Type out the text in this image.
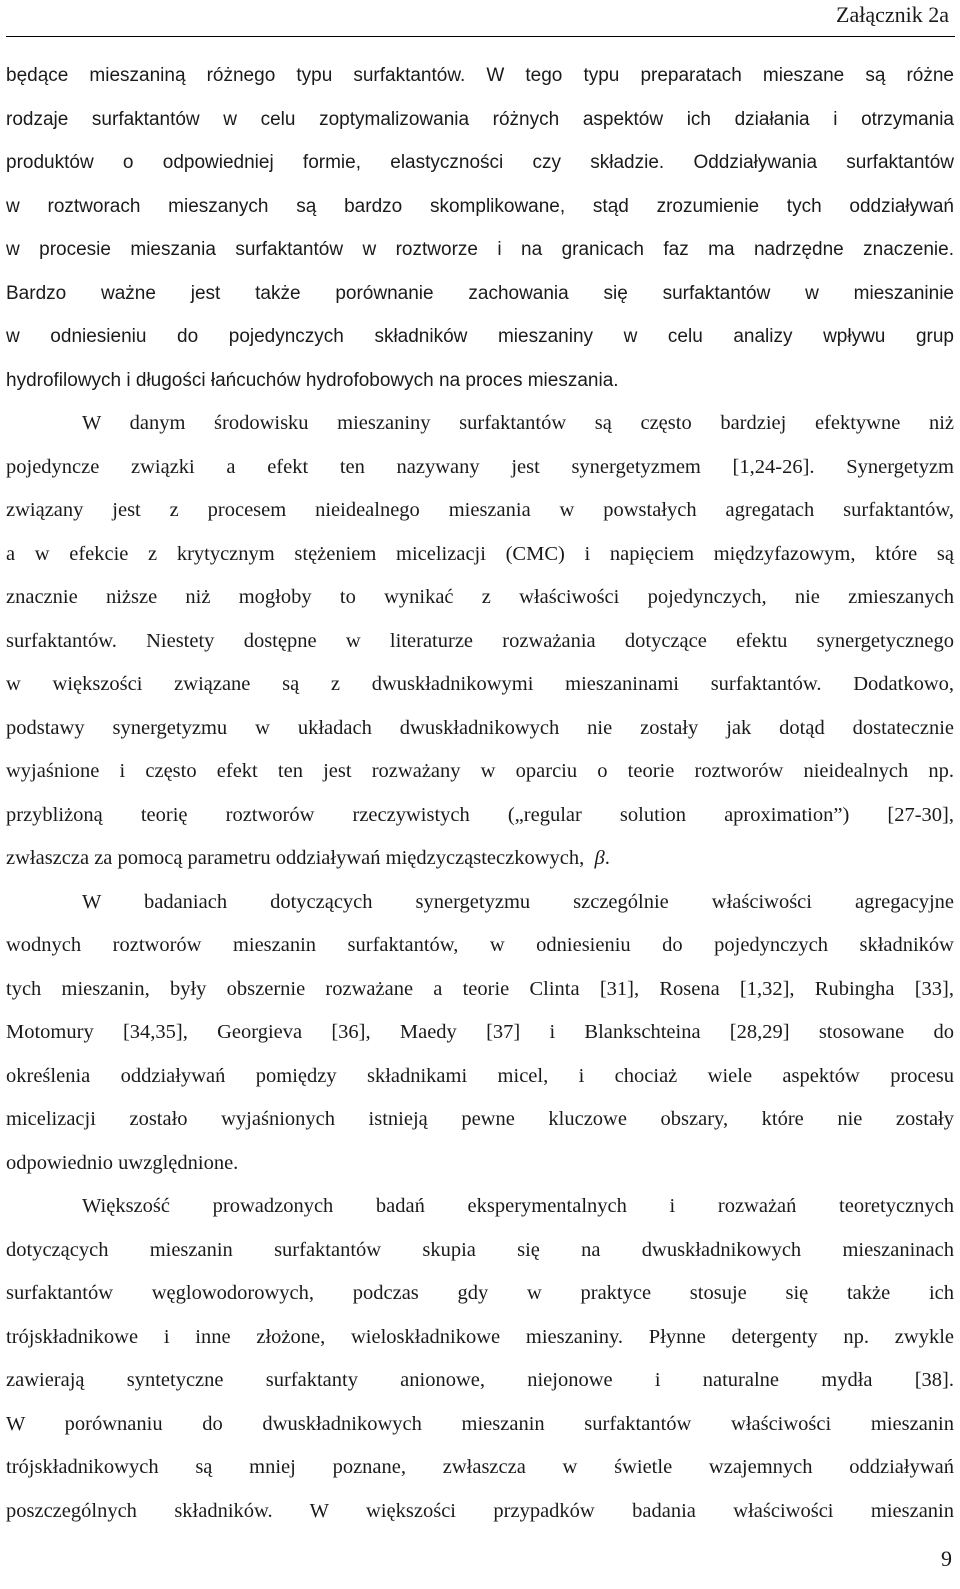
Załącznik 2a

będące mieszaniną różnego typu surfaktantów. W tego typu preparatach mieszane są różne

rodzaje surfaktantów w celu zoptymalizowania różnych aspektów ich działania i otrzymania

produktów o odpowiedniej formie, elastyczności czy składzie. Oddziaływania surfaktantów

w roztworach mieszanych są bardzo skomplikowane, stąd zrozumienie tych oddziaływań

w procesie mieszania surfaktantów w roztworze i na granicach faz ma nadrzędne znaczenie.

Bardzo ważne jest także porównanie zachowania się surfaktantów w mieszaninie

w odniesieniu do pojedynczych składników mieszaniny w celu analizy wpływu grup

hydrofilowych i długości łańcuchów hydrofobowych na proces mieszania.

W danym środowisku mieszaniny surfaktantów są często bardziej efektywne niż

pojedyncze związki a efekt ten nazywany jest synergetyzmem [1,24-26]. Synergetyzm

związany jest z procesem nieidealnego mieszania w powstałych agregatach surfaktantów,

a w efekcie z krytycznym stężeniem micelizacji (CMC) i napięciem międzyfazowym, które są

znacznie niższe niż mogłoby to wynikać z właściwości pojedynczych, nie zmieszanych

surfaktantów. Niestety dostępne w literaturze rozważania dotyczące efektu synergetycznego

w większości związane są z dwuskładnikowymi mieszaninami surfaktantów. Dodatkowo,

podstawy synergetyzmu w układach dwuskładnikowych nie zostały jak dotąd dostatecznie

wyjaśnione i często efekt ten jest rozważany w oparciu o teorie roztworów nieidealnych np.

przybliżoną teorię roztworów rzeczywistych („regular solution aproximation”) [27-30],

zwłaszcza za pomocą parametru oddziaływań międzycząsteczkowych, β.

W badaniach dotyczących synergetyzmu szczególnie właściwości agregacyjne

wodnych roztworów mieszanin surfaktantów, w odniesieniu do pojedynczych składników

tych mieszanin, były obszernie rozważane a teorie Clinta [31], Rosena [1,32], Rubingha [33],

Motomury [34,35], Georgieva [36], Maedy [37] i Blankschteina [28,29] stosowane do

określenia oddziaływań pomiędzy składnikami micel, i chociaż wiele aspektów procesu

micelizacji zostało wyjaśnionych istnieją pewne kluczowe obszary, które nie zostały

odpowiednio uwzględnione.

Większość prowadzonych badań eksperymentalnych i rozważań teoretycznych

dotyczących mieszanin surfaktantów skupia się na dwuskładnikowych mieszaninach

surfaktantów węglowodorowych, podczas gdy w praktyce stosuje się także ich

trójskładnikowe i inne złożone, wieloskładnikowe mieszaniny. Płynne detergenty np. zwykle

zawierają syntetyczne surfaktanty anionowe, niejonowe i naturalne mydła [38].

W porównaniu do dwuskładnikowych mieszanin surfaktantów właściwości mieszanin

trójskładnikowych są mniej poznane, zwłaszcza w świetle wzajemnych oddziaływań

poszczególnych składników. W większości przypadków badania właściwości mieszanin

9
